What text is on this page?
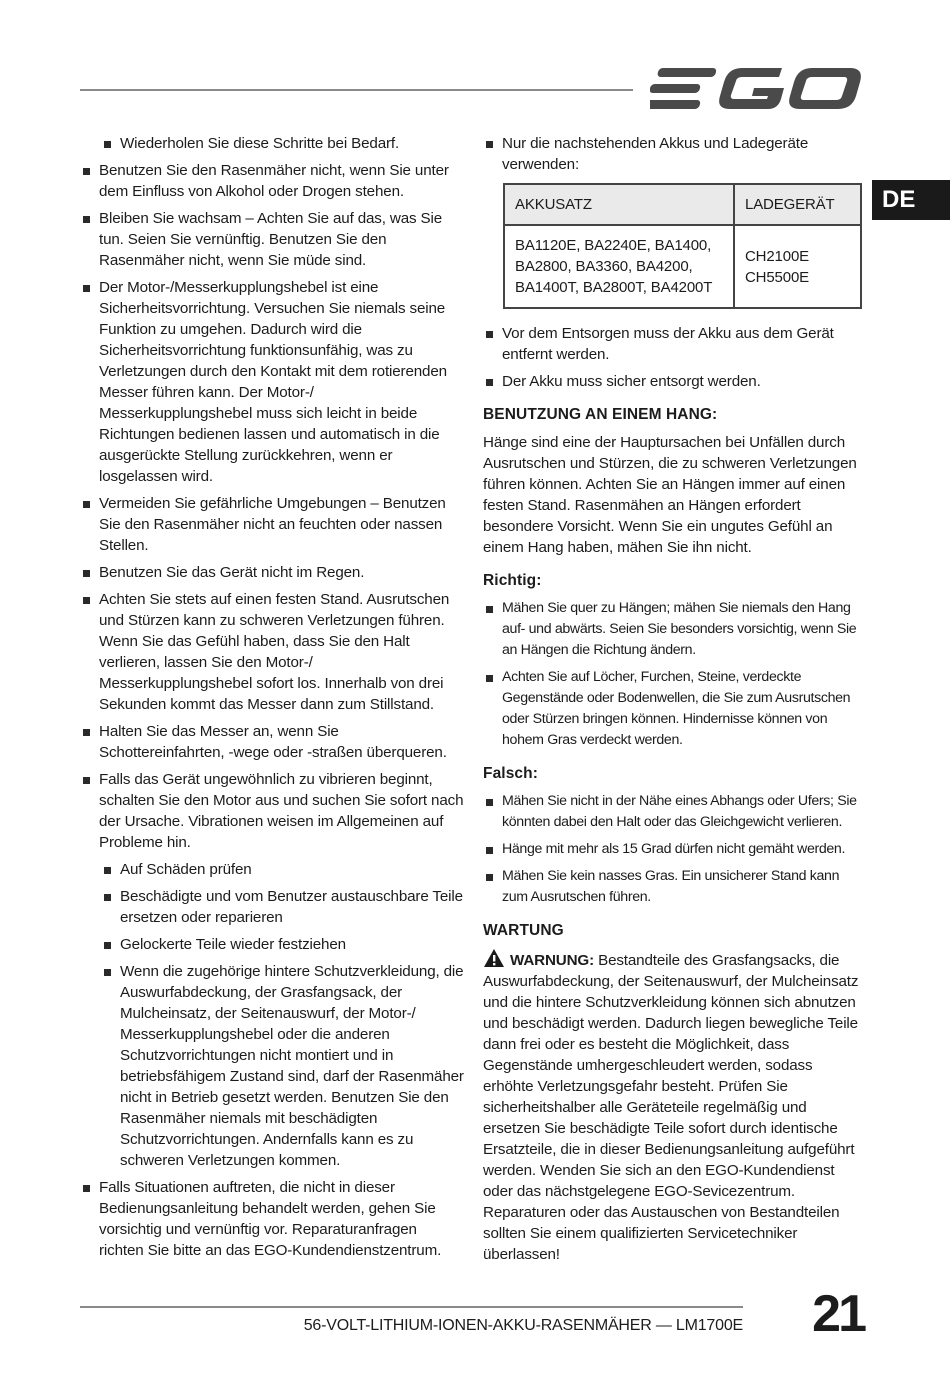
DE
Wiederholen Sie diese Schritte bei Bedarf.
Benutzen Sie den Rasenmäher nicht, wenn Sie unter dem Einfluss von Alkohol oder Drogen stehen.
Bleiben Sie wachsam – Achten Sie auf das, was Sie tun. Seien Sie vernünftig. Benutzen Sie den Rasenmäher nicht, wenn Sie müde sind.
Der Motor-/Messerkupplungshebel ist eine Sicherheitsvorrichtung. Versuchen Sie niemals seine Funktion zu umgehen. Dadurch wird die Sicherheitsvorrichtung funktionsunfähig, was zu Verletzungen durch den Kontakt mit dem rotierenden Messer führen kann. Der Motor-/ Messerkupplungshebel muss sich leicht in beide Richtungen bedienen lassen und automatisch in die ausgerückte Stellung zurückkehren, wenn er losgelassen wird.
Vermeiden Sie gefährliche Umgebungen – Benutzen Sie den Rasenmäher nicht an feuchten oder nassen Stellen.
Benutzen Sie das Gerät nicht im Regen.
Achten Sie stets auf einen festen Stand. Ausrutschen und Stürzen kann zu schweren Verletzungen führen. Wenn Sie das Gefühl haben, dass Sie den Halt verlieren, lassen Sie den Motor-/ Messerkupplungshebel sofort los. Innerhalb von drei Sekunden kommt das Messer dann zum Stillstand.
Halten Sie das Messer an, wenn Sie Schottereinfahrten, -wege oder -straßen überqueren.
Falls das Gerät ungewöhnlich zu vibrieren beginnt, schalten Sie den Motor aus und suchen Sie sofort nach der Ursache. Vibrationen weisen im Allgemeinen auf Probleme hin.
Auf Schäden prüfen
Beschädigte und vom Benutzer austauschbare Teile ersetzen oder reparieren
Gelockerte Teile wieder festziehen
Wenn die zugehörige hintere Schutzverkleidung, die Auswurfabdeckung, der Grasfangsack, der Mulcheinsatz, der Seitenauswurf, der Motor-/ Messerkupplungshebel oder die anderen Schutzvorrichtungen nicht montiert und in betriebsfähigem Zustand sind, darf der Rasenmäher nicht in Betrieb gesetzt werden. Benutzen Sie den Rasenmäher niemals mit beschädigten Schutzvorrichtungen. Andernfalls kann es zu schweren Verletzungen kommen.
Falls Situationen auftreten, die nicht in dieser Bedienungsanleitung behandelt werden, gehen Sie vorsichtig und vernünftig vor. Reparaturanfragen richten Sie bitte an das EGO-Kundendienstzentrum.
Nur die nachstehenden Akkus und Ladegeräte verwenden:
AKKUSATZ	LADEGERÄT
BA1120E, BA2240E, BA1400, BA2800, BA3360, BA4200, BA1400T, BA2800T, BA4200T	CH2100E
CH5500E
Vor dem Entsorgen muss der Akku aus dem Gerät entfernt werden.
Der Akku muss sicher entsorgt werden.
BENUTZUNG AN EINEM HANG:

Hänge sind eine der Hauptursachen bei Unfällen durch Ausrutschen und Stürzen, die zu schweren Verletzungen führen können. Achten Sie an Hängen immer auf einen festen Stand. Rasenmähen an Hängen erfordert besondere Vorsicht. Wenn Sie ein ungutes Gefühl an einem Hang haben, mähen Sie ihn nicht.

Richtig:
Mähen Sie quer zu Hängen; mähen Sie niemals den Hang auf- und abwärts. Seien Sie besonders vorsichtig, wenn Sie an Hängen die Richtung ändern.
Achten Sie auf Löcher, Furchen, Steine, verdeckte Gegenstände oder Bodenwellen, die Sie zum Ausrutschen oder Stürzen bringen können. Hindernisse können von hohem Gras verdeckt werden.
Falsch:
Mähen Sie nicht in der Nähe eines Abhangs oder Ufers; Sie könnten dabei den Halt oder das Gleichgewicht verlieren.
Hänge mit mehr als 15 Grad dürfen nicht gemäht werden.
Mähen Sie kein nasses Gras. Ein unsicherer Stand kann zum Ausrutschen führen.
WARTUNG

WARNUNG: Bestandteile des Grasfangsacks, die Auswurfabdeckung, der Seitenauswurf, der Mulcheinsatz und die hintere Schutzverkleidung können sich abnutzen und beschädigt werden. Dadurch liegen bewegliche Teile dann frei oder es besteht die Möglichkeit, dass Gegenstände umhergeschleudert werden, sodass erhöhte Verletzungsgefahr besteht. Prüfen Sie sicherheitshalber alle Geräteteile regelmäßig und ersetzen Sie beschädigte Teile sofort durch identische Ersatzteile, die in dieser Bedienungsanleitung aufgeführt werden. Wenden Sie sich an den EGO-Kundendienst oder das nächstgelegene EGO-Sevicezentrum. Reparaturen oder das Austauschen von Bestandteilen sollten Sie einem qualifizierten Servicetechniker überlassen!

56-VOLT-LITHIUM-IONEN-AKKU-RASENMÄHER — LM1700E 21
